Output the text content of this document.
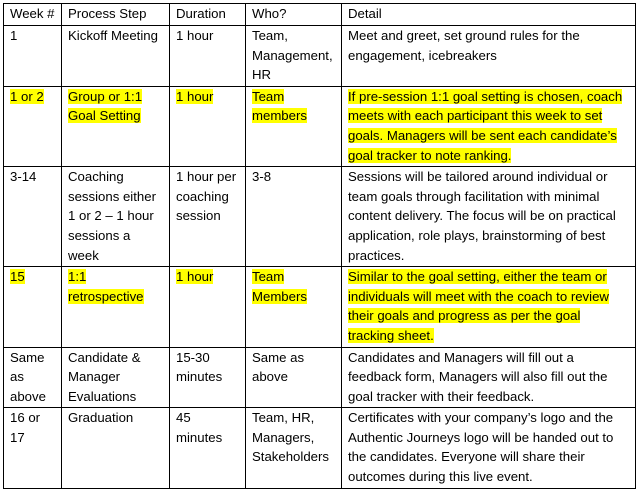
Week #	Process Step	Duration	Who?	Detail
1	Kickoff Meeting	1 hour	Team, Management, HR	Meet and greet, set ground rules for the engagement, icebreakers
1 or 2	Group or 1:1 Goal Setting	1 hour	Team members	If pre-session 1:1 goal setting is chosen, coach meets with each participant this week to set goals. Managers will be sent each candidate’s goal tracker to note ranking.
3-14	Coaching sessions either 1 or 2 – 1 hour sessions a week	1 hour per coaching session	3-8	Sessions will be tailored around individual or team goals through facilitation with minimal content delivery. The focus will be on practical application, role plays, brainstorming of best practices.
15	1:1 retrospective	1 hour	Team Members	Similar to the goal setting, either the team or individuals will meet with the coach to review their goals and progress as per the goal tracking sheet.
Same as above	Candidate & Manager Evaluations	15-30 minutes	Same as above	Candidates and Managers will fill out a feedback form, Managers will also fill out the goal tracker with their feedback.
16 or 17	Graduation	45 minutes	Team, HR, Managers, Stakeholders	Certificates with your company’s logo and the Authentic Journeys logo will be handed out to the candidates. Everyone will share their outcomes during this live event.
